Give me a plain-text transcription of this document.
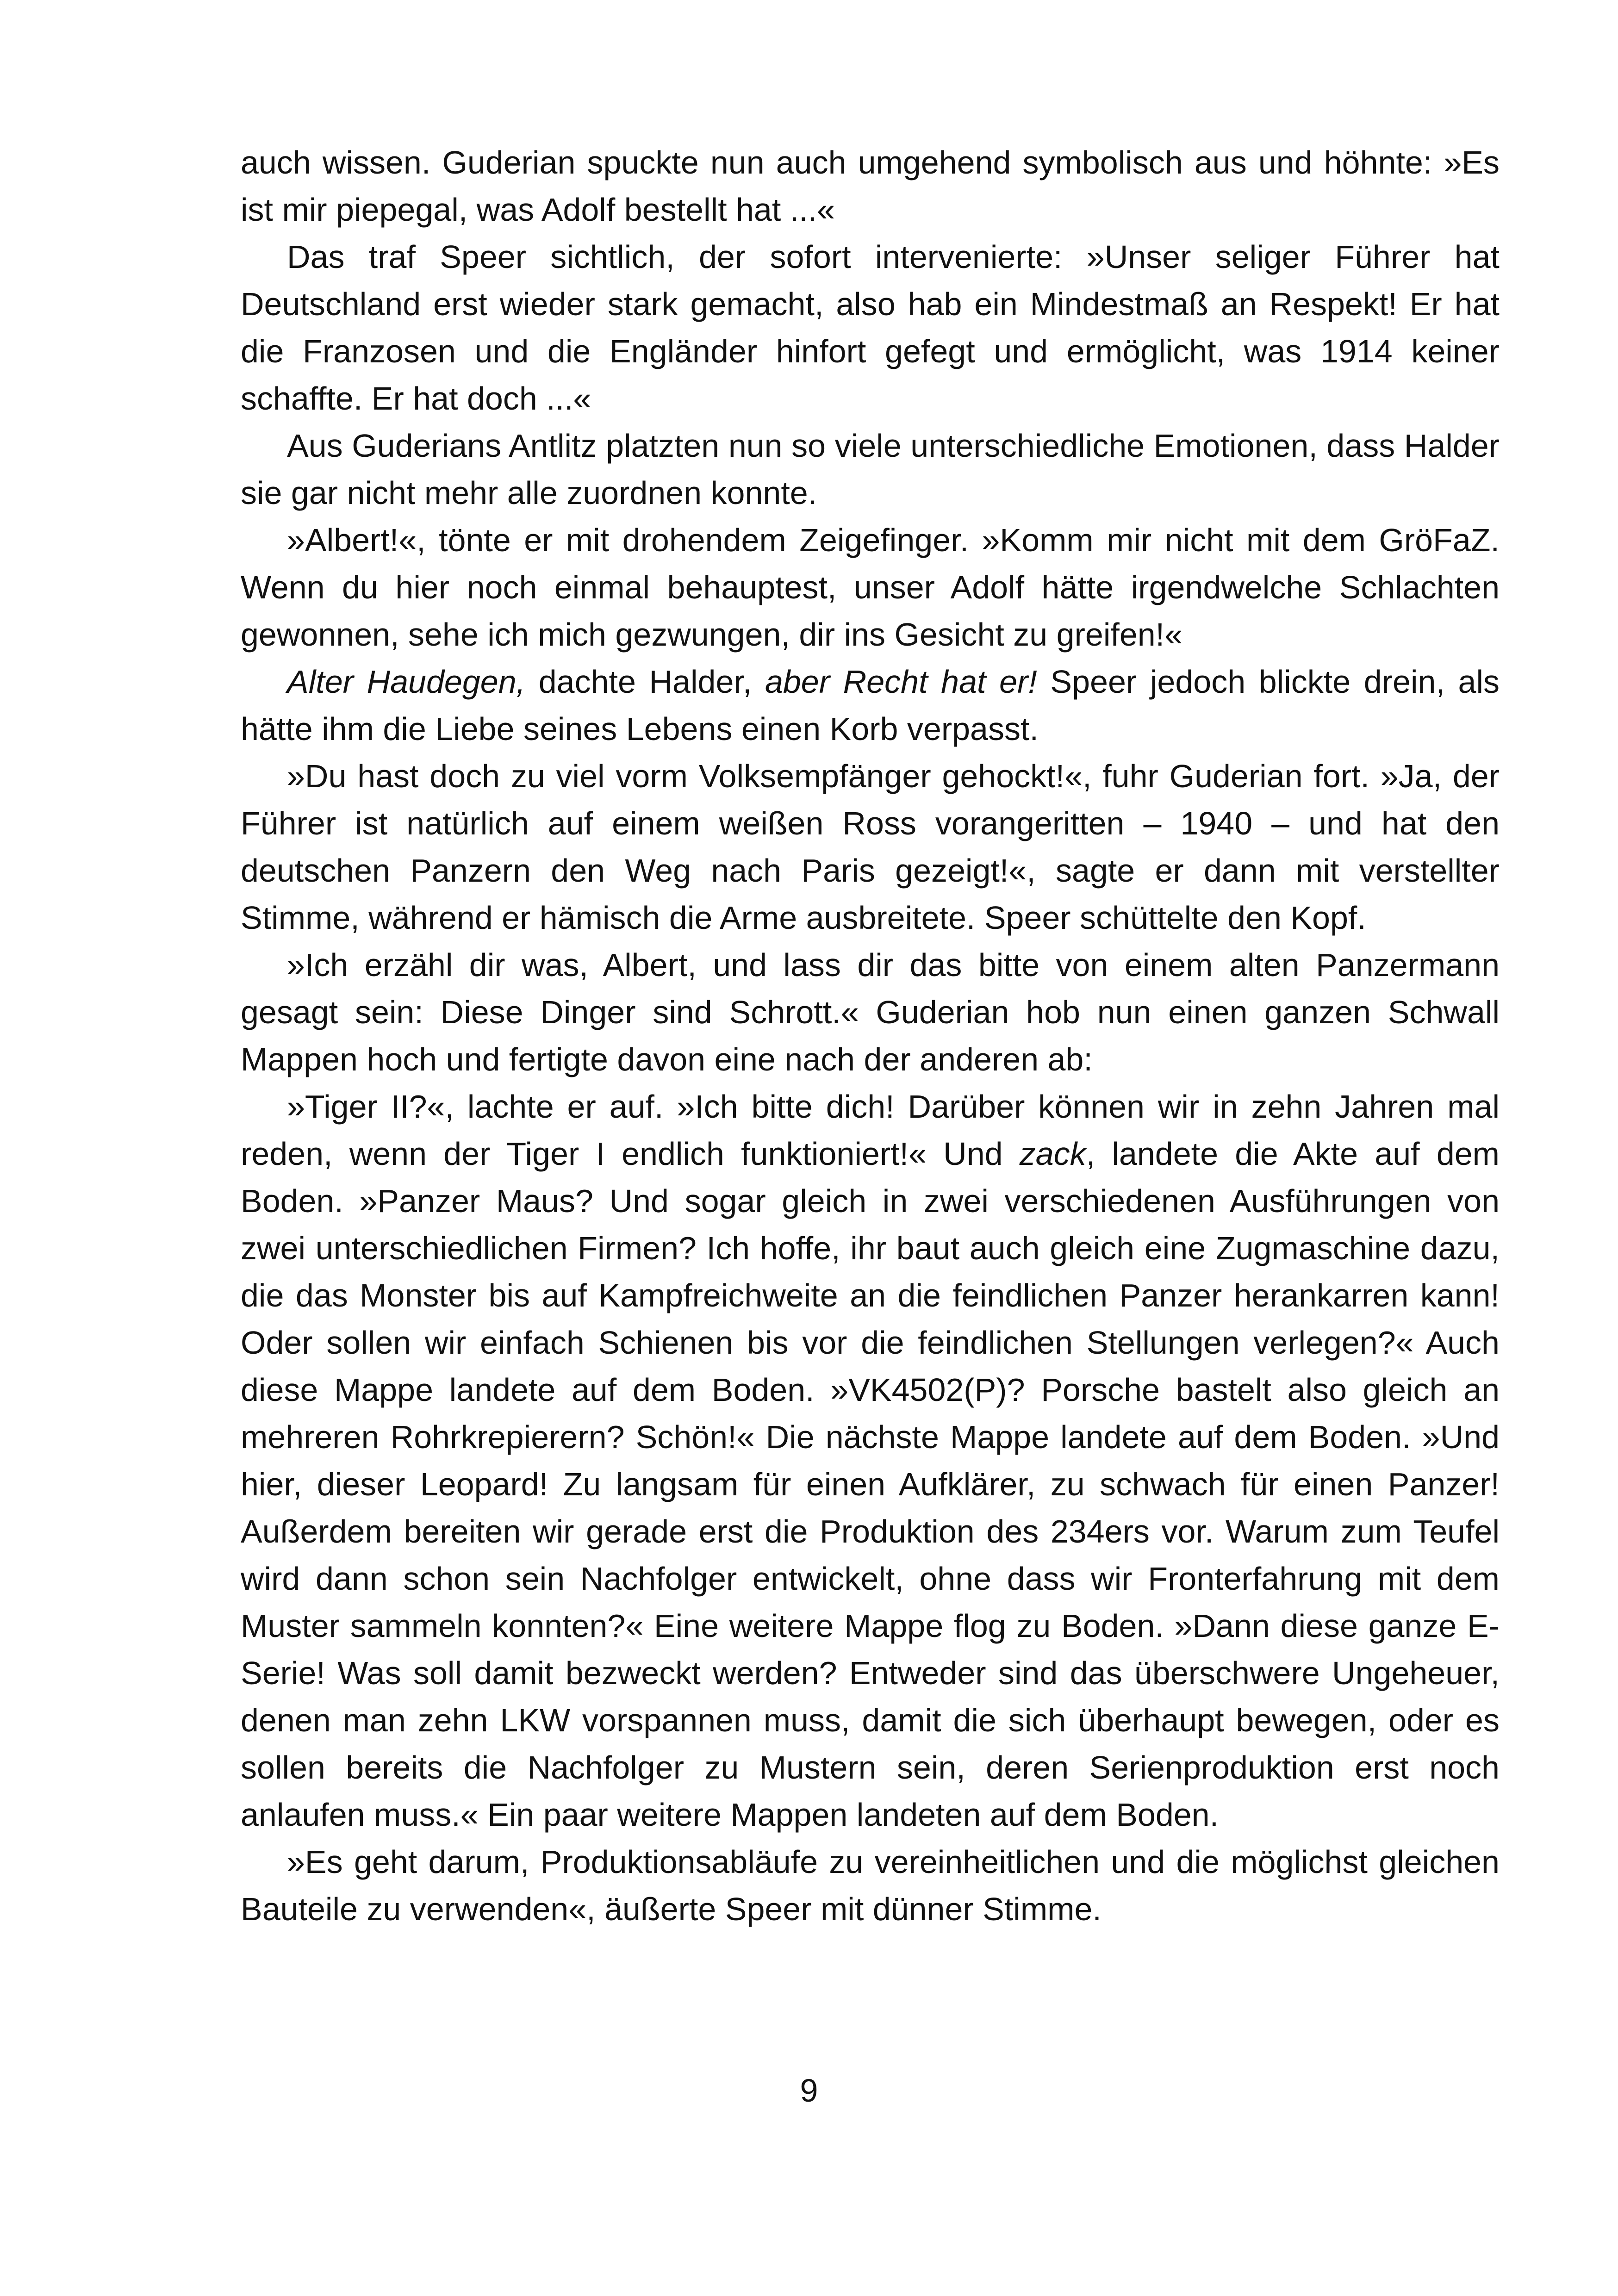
auch wissen. Guderian spuckte nun auch umgehend symbolisch aus und höhnte: »Es ist mir piepegal, was Adolf bestellt hat ...«

Das traf Speer sichtlich, der sofort intervenierte: »Unser seliger Führer hat Deutschland erst wieder stark gemacht, also hab ein Mindestmaß an Respekt! Er hat die Franzosen und die Engländer hinfort gefegt und ermöglicht, was 1914 keiner schaffte. Er hat doch ...«

Aus Guderians Antlitz platzten nun so viele unterschiedliche Emotionen, dass Halder sie gar nicht mehr alle zuordnen konnte.

»Albert!«, tönte er mit drohendem Zeigefinger. »Komm mir nicht mit dem GröFaZ. Wenn du hier noch einmal behauptest, unser Adolf hätte irgendwelche Schlachten gewonnen, sehe ich mich gezwungen, dir ins Gesicht zu greifen!«

Alter Haudegen, dachte Halder, aber Recht hat er! Speer jedoch blickte drein, als hätte ihm die Liebe seines Lebens einen Korb verpasst.

»Du hast doch zu viel vorm Volksempfänger gehockt!«, fuhr Guderian fort. »Ja, der Führer ist natürlich auf einem weißen Ross vorangeritten – 1940 – und hat den deutschen Panzern den Weg nach Paris gezeigt!«, sagte er dann mit verstellter Stimme, während er hämisch die Arme ausbreitete. Speer schüttelte den Kopf.

»Ich erzähl dir was, Albert, und lass dir das bitte von einem alten Panzermann gesagt sein: Diese Dinger sind Schrott.« Guderian hob nun einen ganzen Schwall Mappen hoch und fertigte davon eine nach der anderen ab:

»Tiger II?«, lachte er auf. »Ich bitte dich! Darüber können wir in zehn Jahren mal reden, wenn der Tiger I endlich funktioniert!« Und zack, landete die Akte auf dem Boden. »Panzer Maus? Und sogar gleich in zwei verschiedenen Ausführungen von zwei unterschiedlichen Firmen? Ich hoffe, ihr baut auch gleich eine Zugmaschine dazu, die das Monster bis auf Kampfreichweite an die feindlichen Panzer herankarren kann! Oder sollen wir einfach Schienen bis vor die feindlichen Stellungen verlegen?« Auch diese Mappe landete auf dem Boden. »VK4502(P)? Porsche bastelt also gleich an mehreren Rohrkrepierern? Schön!« Die nächste Mappe landete auf dem Boden. »Und hier, dieser Leopard! Zu langsam für einen Aufklärer, zu schwach für einen Panzer! Außerdem bereiten wir gerade erst die Produktion des 234ers vor. Warum zum Teufel wird dann schon sein Nachfolger entwickelt, ohne dass wir Fronterfahrung mit dem Muster sammeln konnten?« Eine weitere Mappe flog zu Boden. »Dann diese ganze E-Serie! Was soll damit bezweckt werden? Entweder sind das überschwere Ungeheuer, denen man zehn LKW vorspannen muss, damit die sich überhaupt bewegen, oder es sollen bereits die Nachfolger zu Mustern sein, deren Serienproduktion erst noch anlaufen muss.« Ein paar weitere Mappen landeten auf dem Boden.

»Es geht darum, Produktionsabläufe zu vereinheitlichen und die möglichst gleichen Bauteile zu verwenden«, äußerte Speer mit dünner Stimme.

9
